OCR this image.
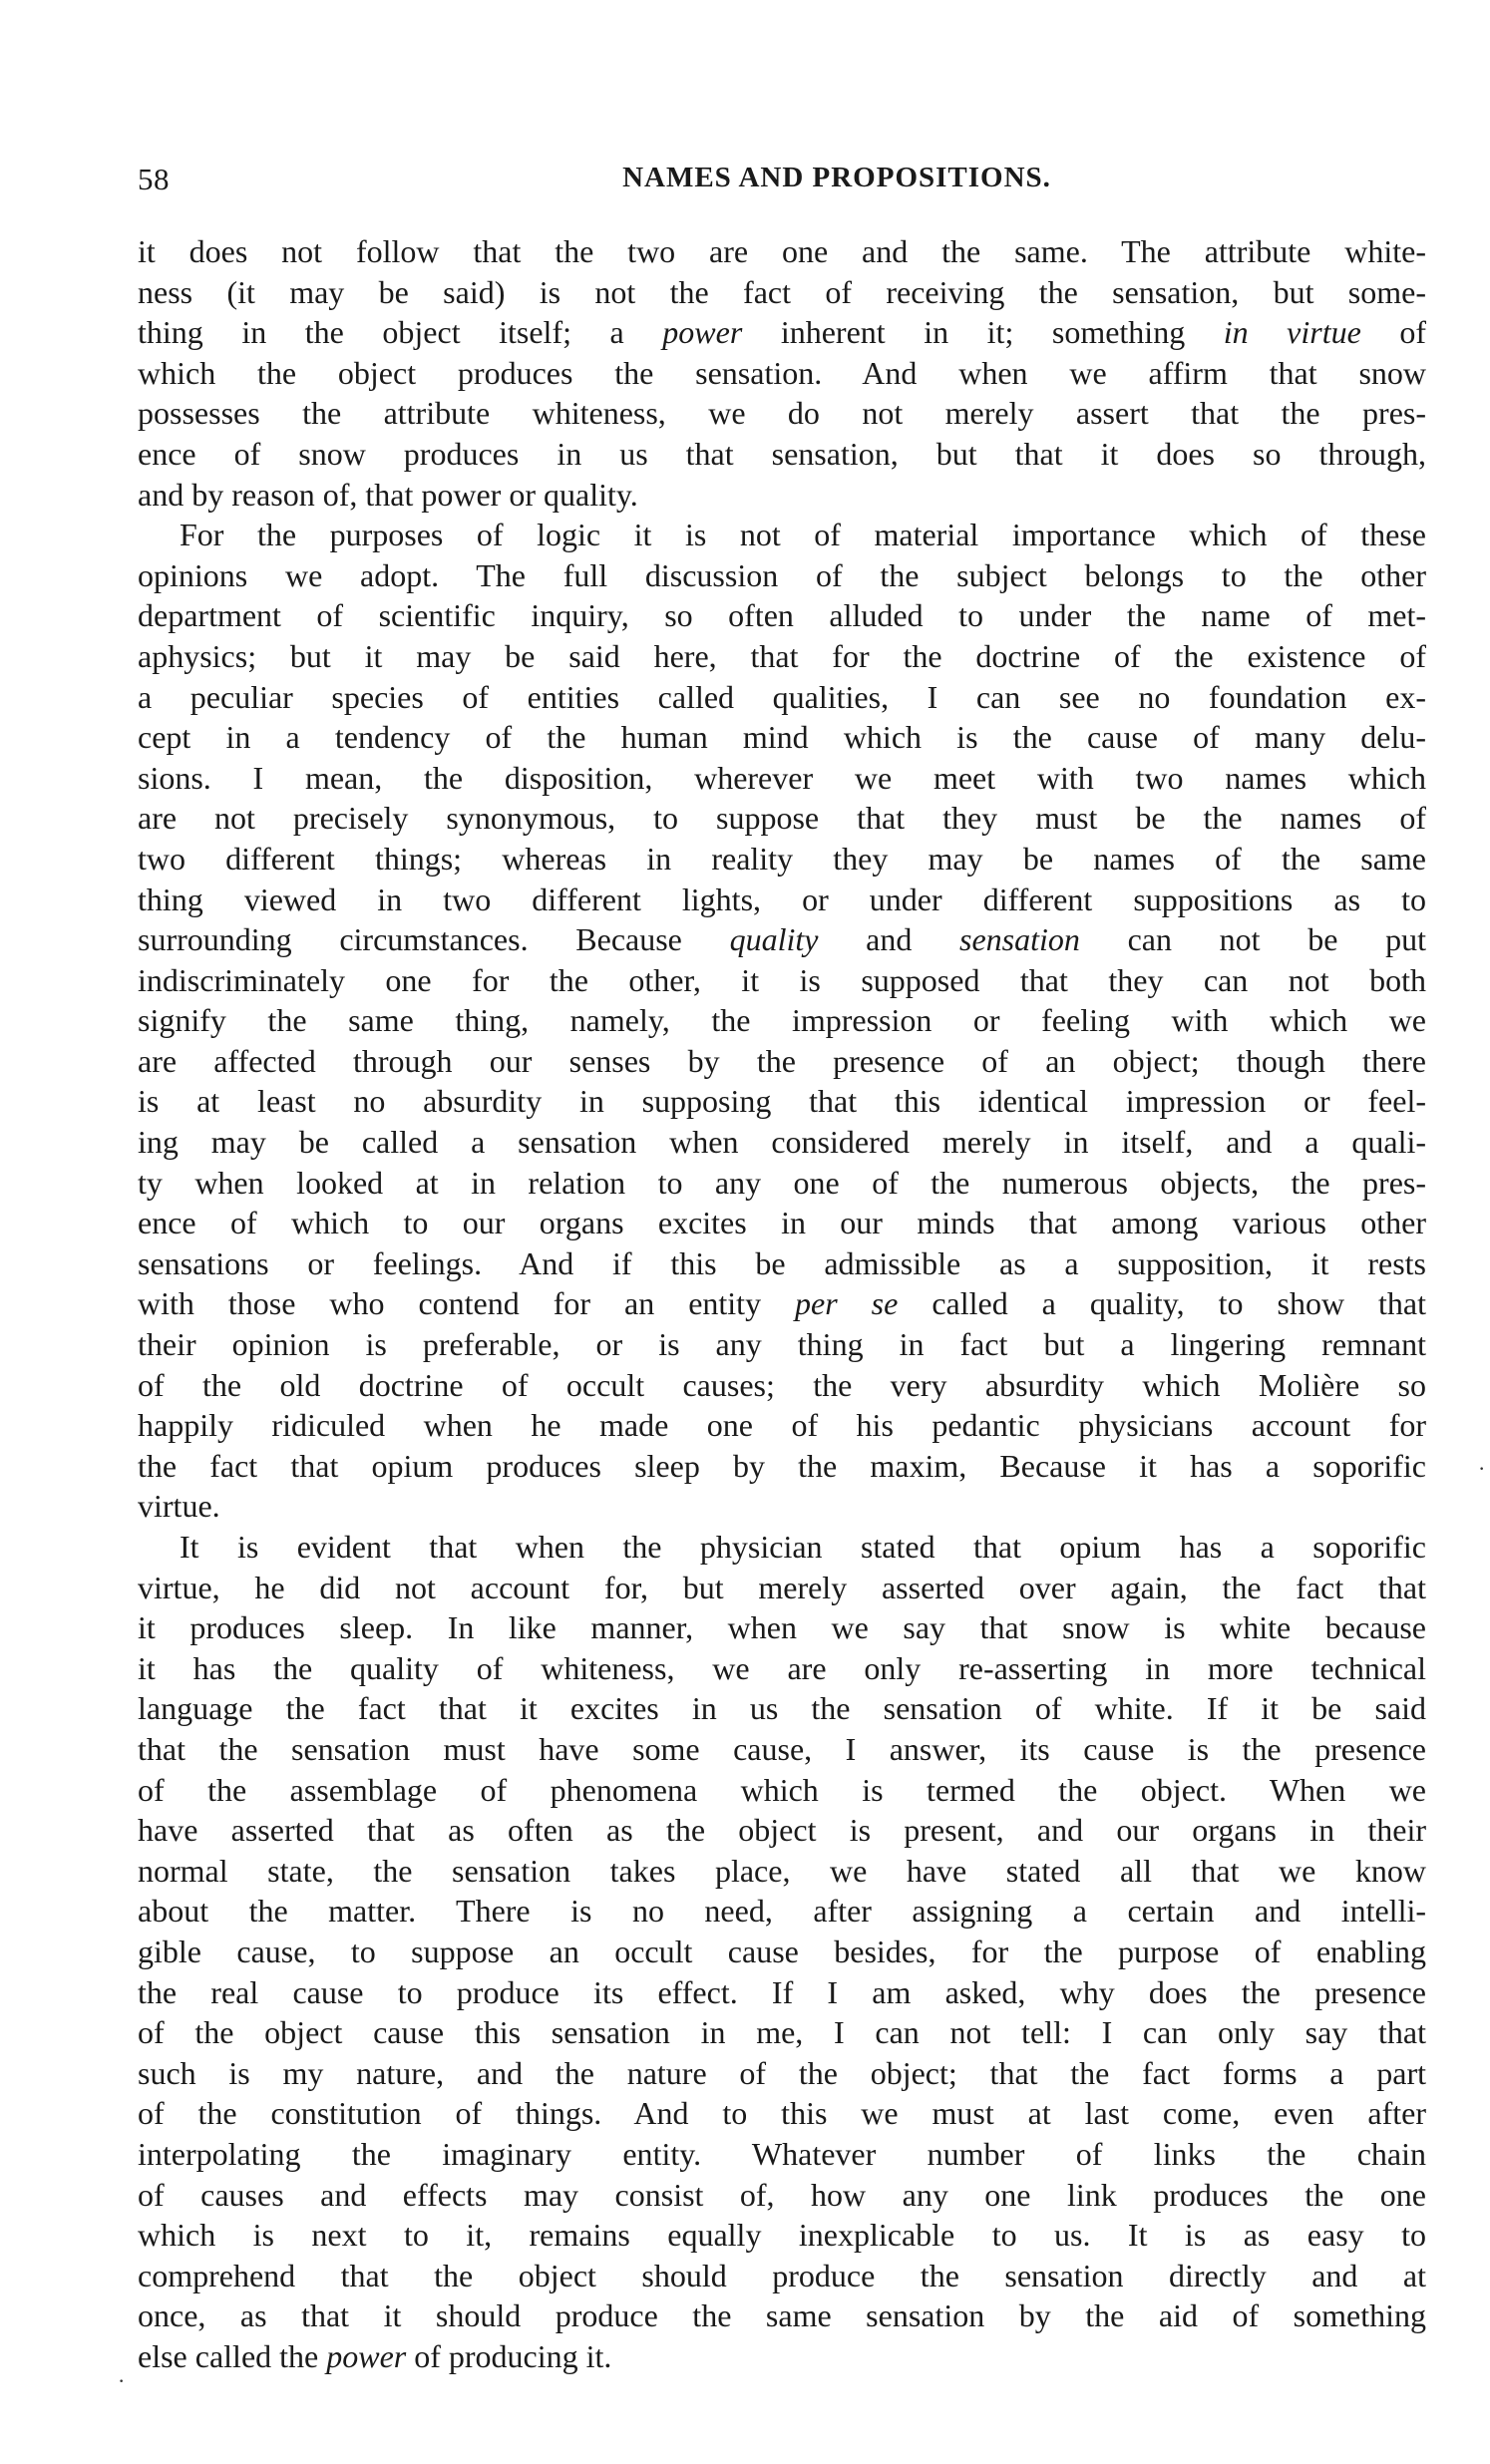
58	NAMES AND PROPOSITIONS.
it does not follow that the two are one and the same. The attribute white-
ness (it may be said) is not the fact of receiving the sensation, but some-
thing in the object itself; a power inherent in it; something in virtue of
which the object produces the sensation. And when we affirm that snow
possesses the attribute whiteness, we do not merely assert that the pres-
ence of snow produces in us that sensation, but that it does so through,
and by reason of, that power or quality.
For the purposes of logic it is not of material importance which of these
opinions we adopt. The full discussion of the subject belongs to the other
department of scientific inquiry, so often alluded to under the name of met-
aphysics; but it may be said here, that for the doctrine of the existence of
a peculiar species of entities called qualities, I can see no foundation ex-
cept in a tendency of the human mind which is the cause of many delu-
sions. I mean, the disposition, wherever we meet with two names which
are not precisely synonymous, to suppose that they must be the names of
two different things; whereas in reality they may be names of the same
thing viewed in two different lights, or under different suppositions as to
surrounding circumstances. Because quality and sensation can not be put
indiscriminately one for the other, it is supposed that they can not both
signify the same thing, namely, the impression or feeling with which we
are affected through our senses by the presence of an object; though there
is at least no absurdity in supposing that this identical impression or feel-
ing may be called a sensation when considered merely in itself, and a quali-
ty when looked at in relation to any one of the numerous objects, the pres-
ence of which to our organs excites in our minds that among various other
sensations or feelings. And if this be admissible as a supposition, it rests
with those who contend for an entity per se called a quality, to show that
their opinion is preferable, or is any thing in fact but a lingering remnant
of the old doctrine of occult causes; the very absurdity which Molière so
happily ridiculed when he made one of his pedantic physicians account for
the fact that opium produces sleep by the maxim, Because it has a soporific
virtue.
It is evident that when the physician stated that opium has a soporific
virtue, he did not account for, but merely asserted over again, the fact that
it produces sleep. In like manner, when we say that snow is white because
it has the quality of whiteness, we are only re-asserting in more technical
language the fact that it excites in us the sensation of white. If it be said
that the sensation must have some cause, I answer, its cause is the presence
of the assemblage of phenomena which is termed the object. When we
have asserted that as often as the object is present, and our organs in their
normal state, the sensation takes place, we have stated all that we know
about the matter. There is no need, after assigning a certain and intelli-
gible cause, to suppose an occult cause besides, for the purpose of enabling
the real cause to produce its effect. If I am asked, why does the presence
of the object cause this sensation in me, I can not tell: I can only say that
such is my nature, and the nature of the object; that the fact forms a part
of the constitution of things. And to this we must at last come, even after
interpolating the imaginary entity. Whatever number of links the chain
of causes and effects may consist of, how any one link produces the one
which is next to it, remains equally inexplicable to us. It is as easy to
comprehend that the object should produce the sensation directly and at
once, as that it should produce the same sensation by the aid of something
else called the power of producing it.
·
·
